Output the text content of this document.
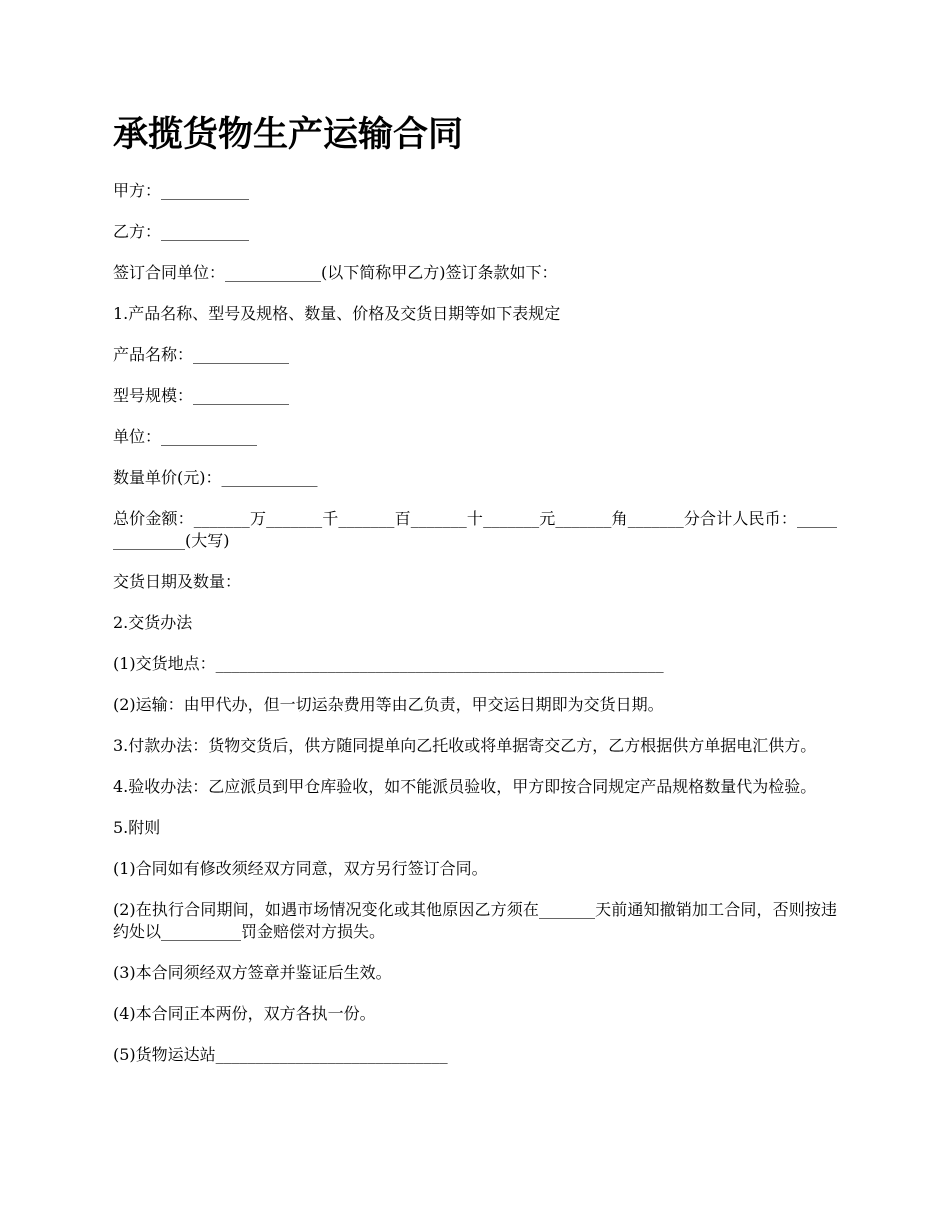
承揽货物生产运输合同

甲方：___________

乙方：___________

签订合同单位：____________(以下简称甲乙方)签订条款如下：

1.产品名称、型号及规格、数量、价格及交货日期等如下表规定

产品名称：____________

型号规模：____________

单位：____________

数量单价(元)：____________

总价金额：_______万_______千_______百_______十_______元_______角_______分合计人民币：______________(大写)

交货日期及数量：

2.交货办法

(1)交货地点：________________________________________________________

(2)运输：由甲代办，但一切运杂费用等由乙负责，甲交运日期即为交货日期。

3.付款办法：货物交货后，供方随同提单向乙托收或将单据寄交乙方，乙方根据供方单据电汇供方。

4.验收办法：乙应派员到甲仓库验收，如不能派员验收，甲方即按合同规定产品规格数量代为检验。

5.附则

(1)合同如有修改须经双方同意，双方另行签订合同。

(2)在执行合同期间，如遇市场情况变化或其他原因乙方须在_______天前通知撤销加工合同，否则按违约处以__________罚金赔偿对方损失。

(3)本合同须经双方签章并鉴证后生效。

(4)本合同正本两份，双方各执一份。

(5)货物运达站_____________________________
